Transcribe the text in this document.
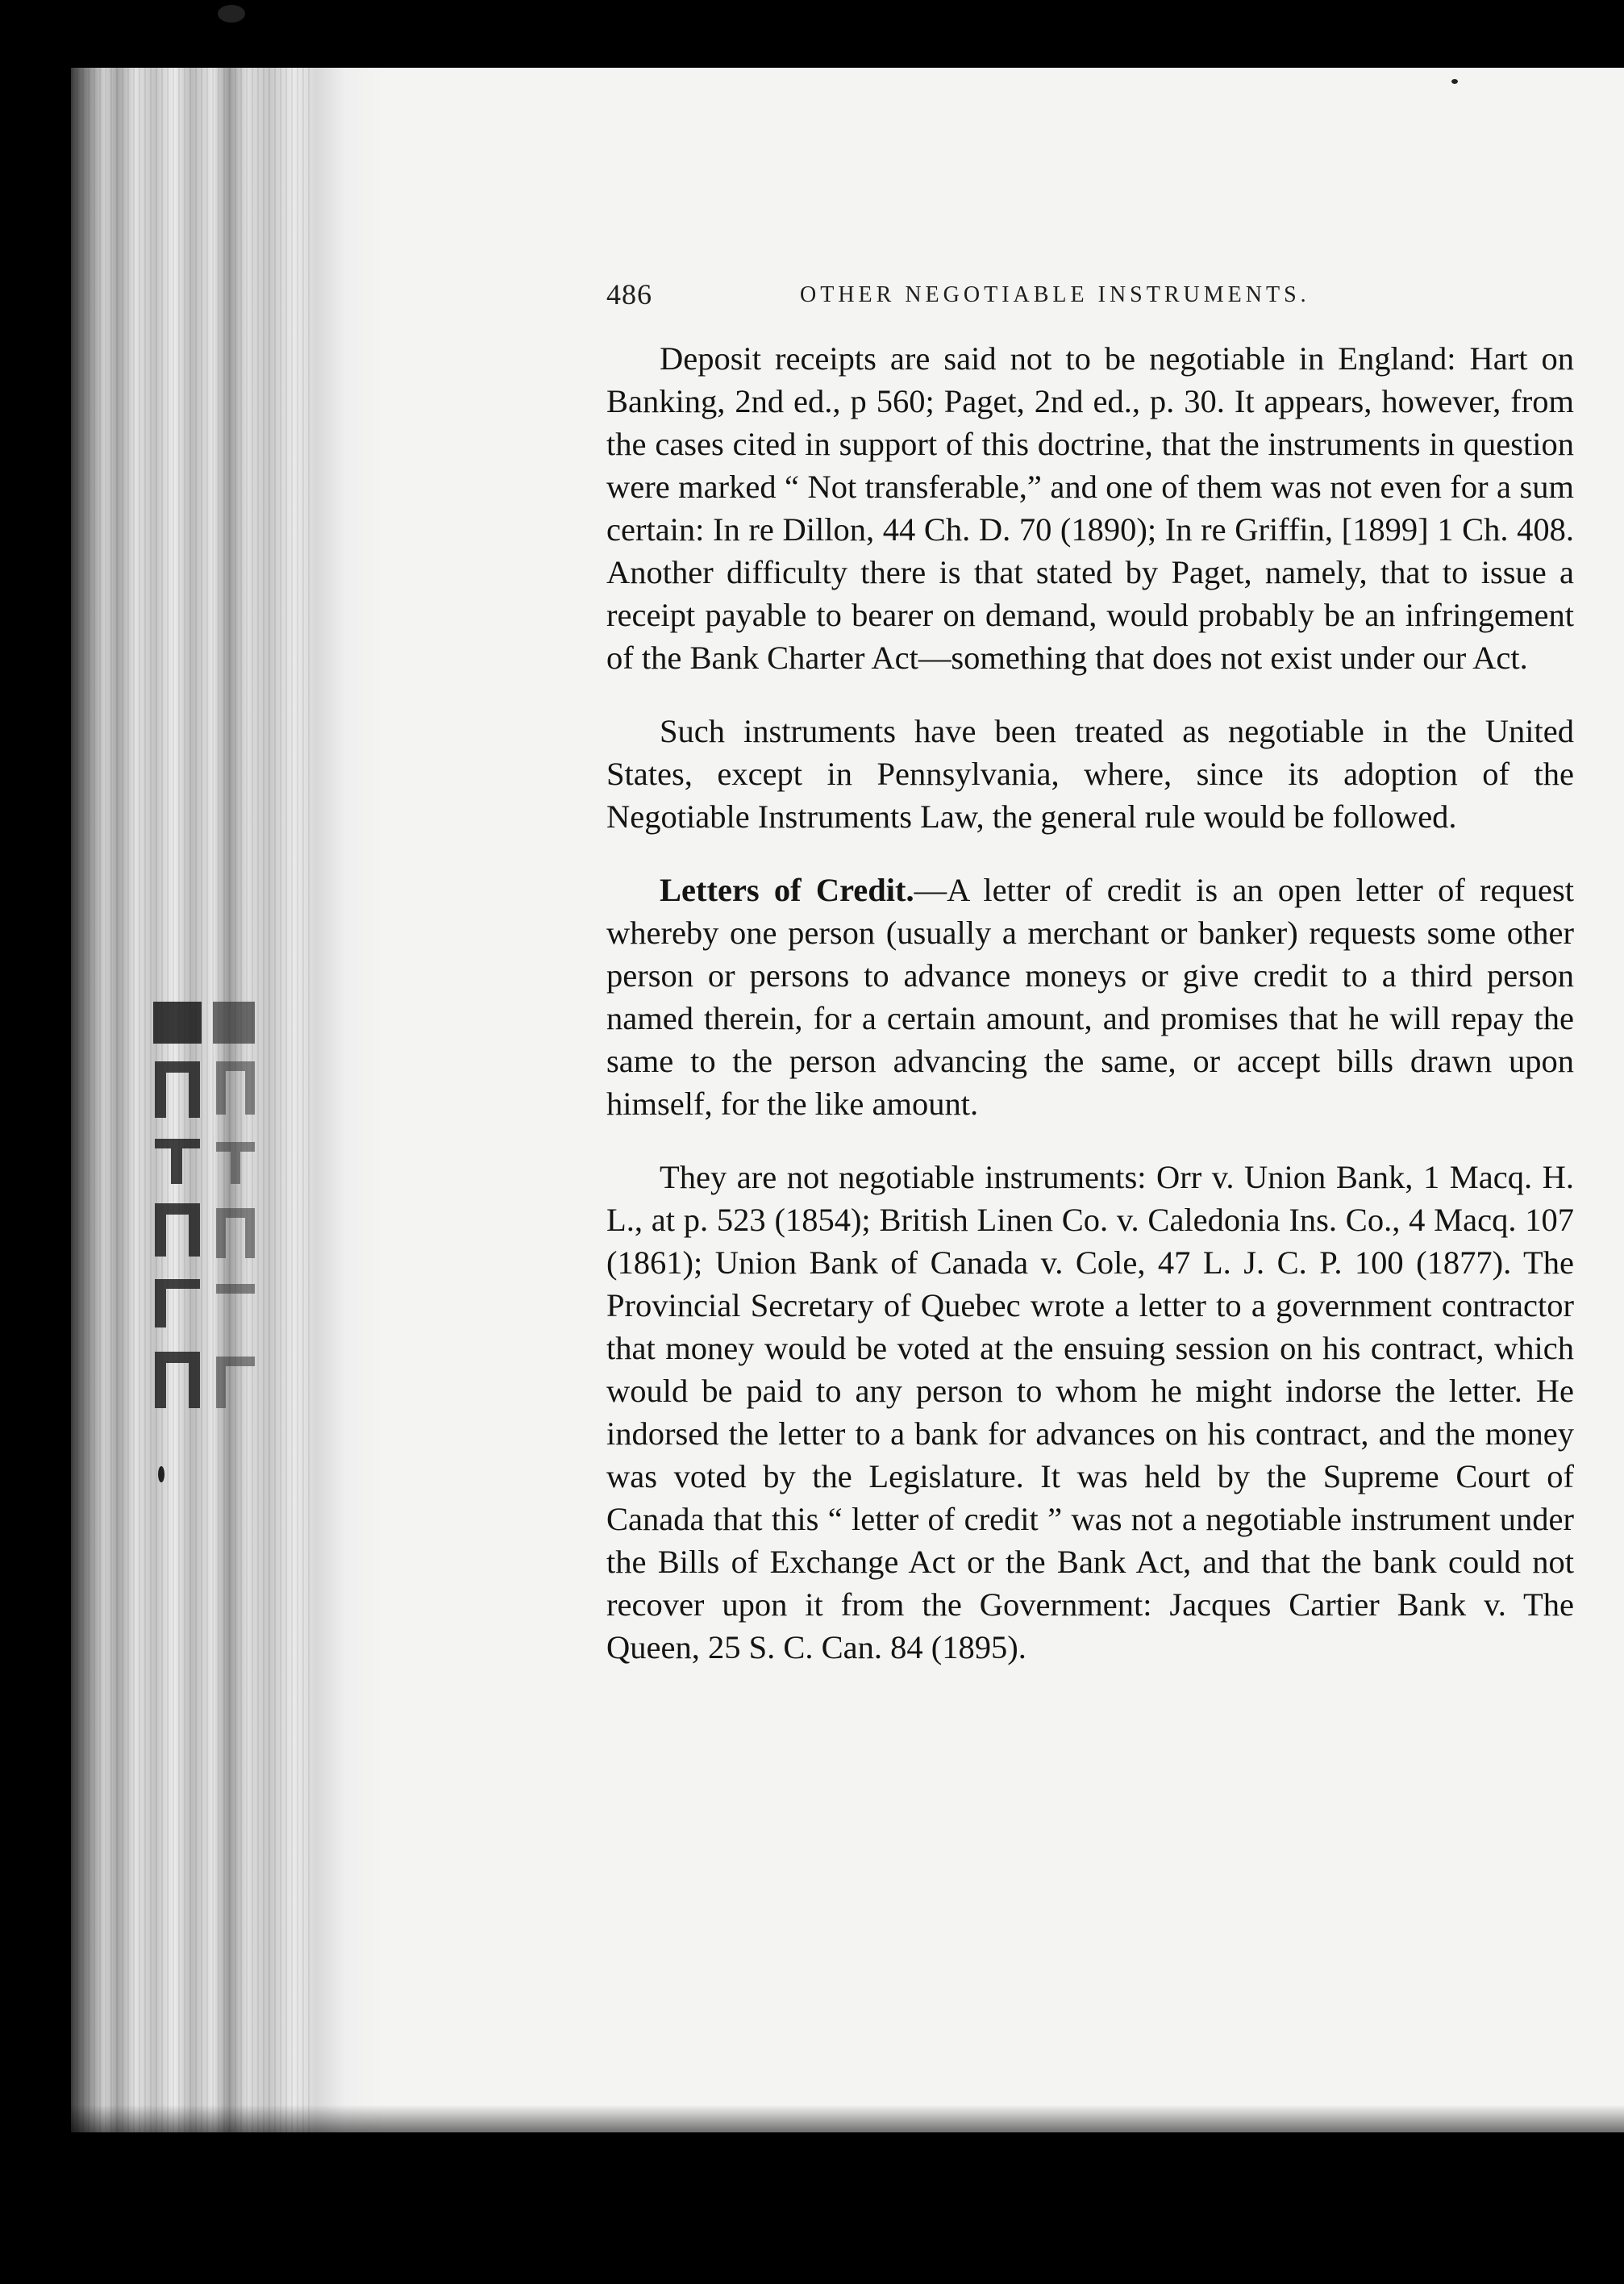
486	OTHER NEGOTIABLE INSTRUMENTS.

Deposit receipts are said not to be negotiable in England: Hart on Banking, 2nd ed., p 560; Paget, 2nd ed., p. 30. It appears, however, from the cases cited in support of this doctrine, that the instruments in question were marked “ Not transferable,” and one of them was not even for a sum certain: In re Dillon, 44 Ch. D. 70 (1890); In re Griffin, [1899] 1 Ch. 408. Another difficulty there is that stated by Paget, namely, that to issue a receipt payable to bearer on demand, would probably be an infringement of the Bank Charter Act—something that does not exist under our Act.

Such instruments have been treated as negotiable in the United States, except in Pennsylvania, where, since its adoption of the Negotiable Instruments Law, the general rule would be followed.

Letters of Credit.—A letter of credit is an open letter of request whereby one person (usually a merchant or banker) requests some other person or persons to advance moneys or give credit to a third person named therein, for a certain amount, and promises that he will repay the same to the person advancing the same, or accept bills drawn upon himself, for the like amount.

They are not negotiable instruments: Orr v. Union Bank, 1 Macq. H. L., at p. 523 (1854); British Linen Co. v. Caledonia Ins. Co., 4 Macq. 107 (1861); Union Bank of Canada v. Cole, 47 L. J. C. P. 100 (1877). The Provincial Secretary of Quebec wrote a letter to a government contractor that money would be voted at the ensuing session on his contract, which would be paid to any person to whom he might indorse the letter. He indorsed the letter to a bank for advances on his contract, and the money was voted by the Legislature. It was held by the Supreme Court of Canada that this “ letter of credit ” was not a negotiable instrument under the Bills of Exchange Act or the Bank Act, and that the bank could not recover upon it from the Government: Jacques Cartier Bank v. The Queen, 25 S. C. Can. 84 (1895).
